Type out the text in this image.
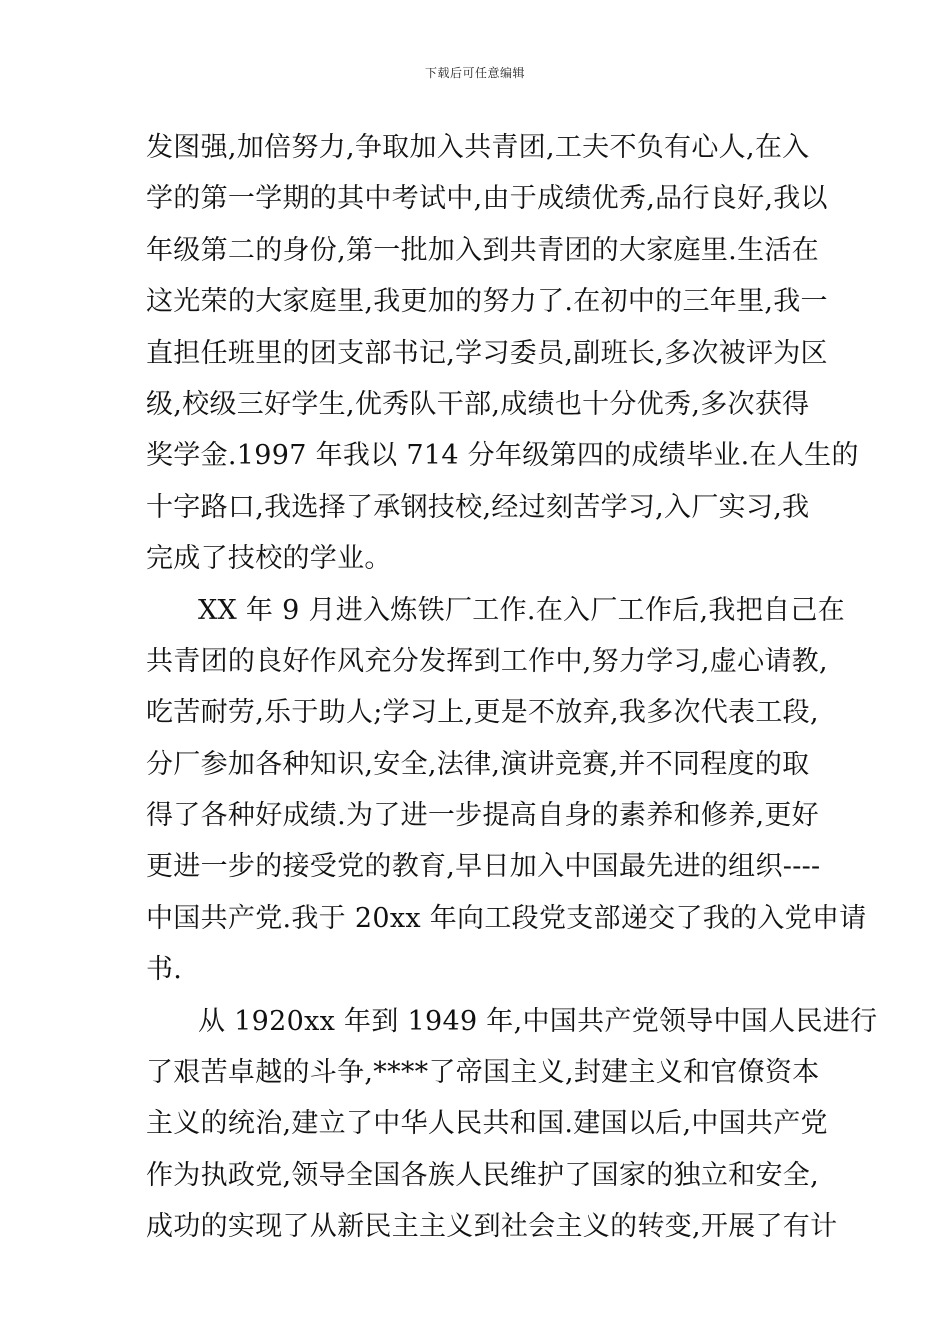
下载后可任意编辑
发图强,加倍努力,争取加入共青团,工夫不负有心人,在入
学的第一学期的其中考试中,由于成绩优秀,品行良好,我以
年级第二的身份,第一批加入到共青团的大家庭里.生活在
这光荣的大家庭里,我更加的努力了.在初中的三年里,我一
直担任班里的团支部书记,学习委员,副班长,多次被评为区
级,校级三好学生,优秀队干部,成绩也十分优秀,多次获得
奖学金.1997 年我以 714 分年级第四的成绩毕业.在人生的
十字路口,我选择了承钢技校,经过刻苦学习,入厂实习,我
完成了技校的学业。
XX 年 9 月进入炼铁厂工作.在入厂工作后,我把自己在
共青团的良好作风充分发挥到工作中,努力学习,虚心请教,
吃苦耐劳,乐于助人;学习上,更是不放弃,我多次代表工段,
分厂参加各种知识,安全,法律,演讲竞赛,并不同程度的取
得了各种好成绩.为了进一步提高自身的素养和修养,更好
更进一步的接受党的教育,早日加入中国最先进的组织----
中国共产党.我于 20xx 年向工段党支部递交了我的入党申请
书.
从 1920xx 年到 1949 年,中国共产党领导中国人民进行
了艰苦卓越的斗争,****了帝国主义,封建主义和官僚资本
主义的统治,建立了中华人民共和国.建国以后,中国共产党
作为执政党,领导全国各族人民维护了国家的独立和安全,
成功的实现了从新民主主义到社会主义的转变,开展了有计
